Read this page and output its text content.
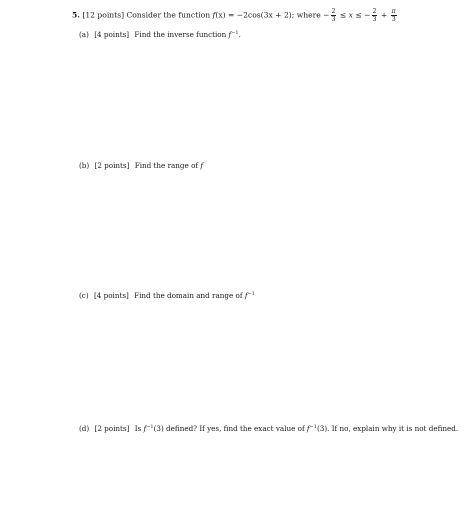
5. [12 points] Consider the function f(x) = −2cos(3x + 2); where − $\frac{2}{3} \le x$ ≤ − $\frac{2}{3} + \frac{\pi}{3}$
(a) [4 points] Find the inverse function $f^{-1}$.
(b) [2 points] Find the range of f
(c) [4 points] Find the domain and range of $f^{-1}$
(d) [2 points] Is $f^{-1}(3)$ defined? If yes, find the exact value of $f^{-1}(3)$. If no, explain why it is not defined.
